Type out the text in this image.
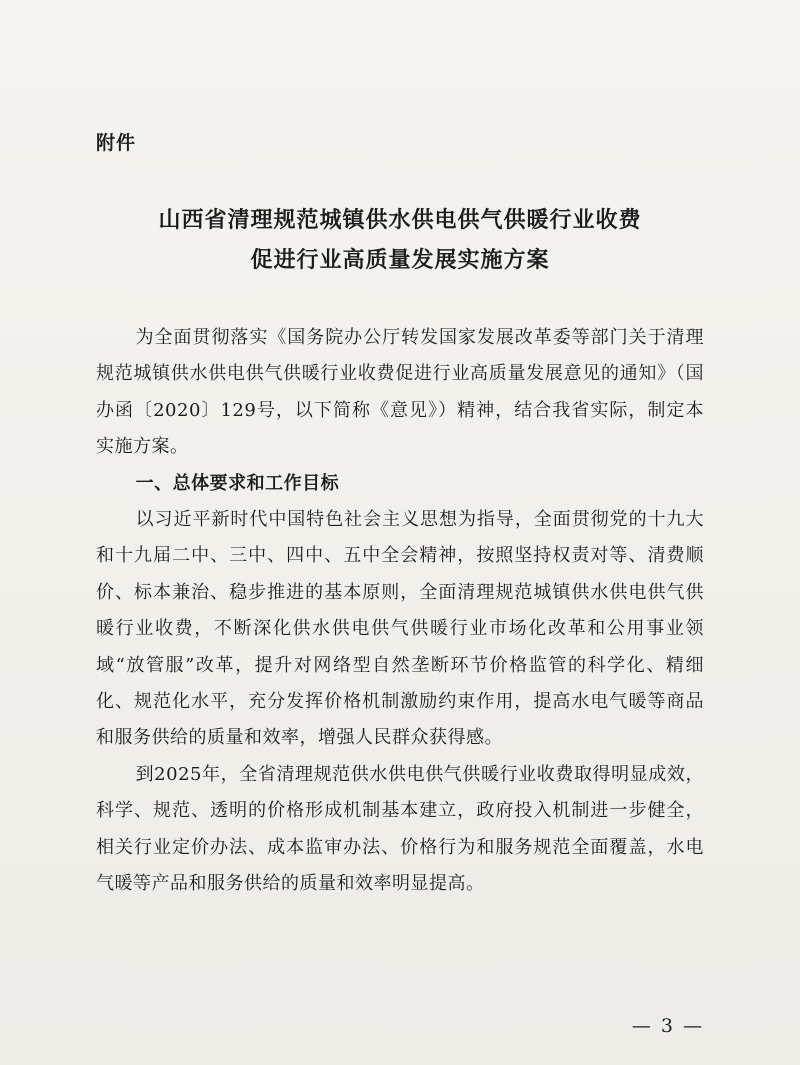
附件
山西省清理规范城镇供水供电供气供暖行业收费
促进行业高质量发展实施方案

为全面贯彻落实《国务院办公厅转发国家发展改革委等部门关于清理规范城镇供水供电供气供暖行业收费促进行业高质量发展意见的通知》（国办函〔2020〕129号，以下简称《意见》）精神，结合我省实际，制定本实施方案。

一、总体要求和工作目标

以习近平新时代中国特色社会主义思想为指导，全面贯彻党的十九大和十九届二中、三中、四中、五中全会精神，按照坚持权责对等、清费顺价、标本兼治、稳步推进的基本原则，全面清理规范城镇供水供电供气供暖行业收费，不断深化供水供电供气供暖行业市场化改革和公用事业领域“放管服”改革，提升对网络型自然垄断环节价格监管的科学化、精细化、规范化水平，充分发挥价格机制激励约束作用，提高水电气暖等商品和服务供给的质量和效率，增强人民群众获得感。

到2025年，全省清理规范供水供电供气供暖行业收费取得明显成效，科学、规范、透明的价格形成机制基本建立，政府投入机制进一步健全，相关行业定价办法、成本监审办法、价格行为和服务规范全面覆盖，水电气暖等产品和服务供给的质量和效率明显提高。

— 3 —
